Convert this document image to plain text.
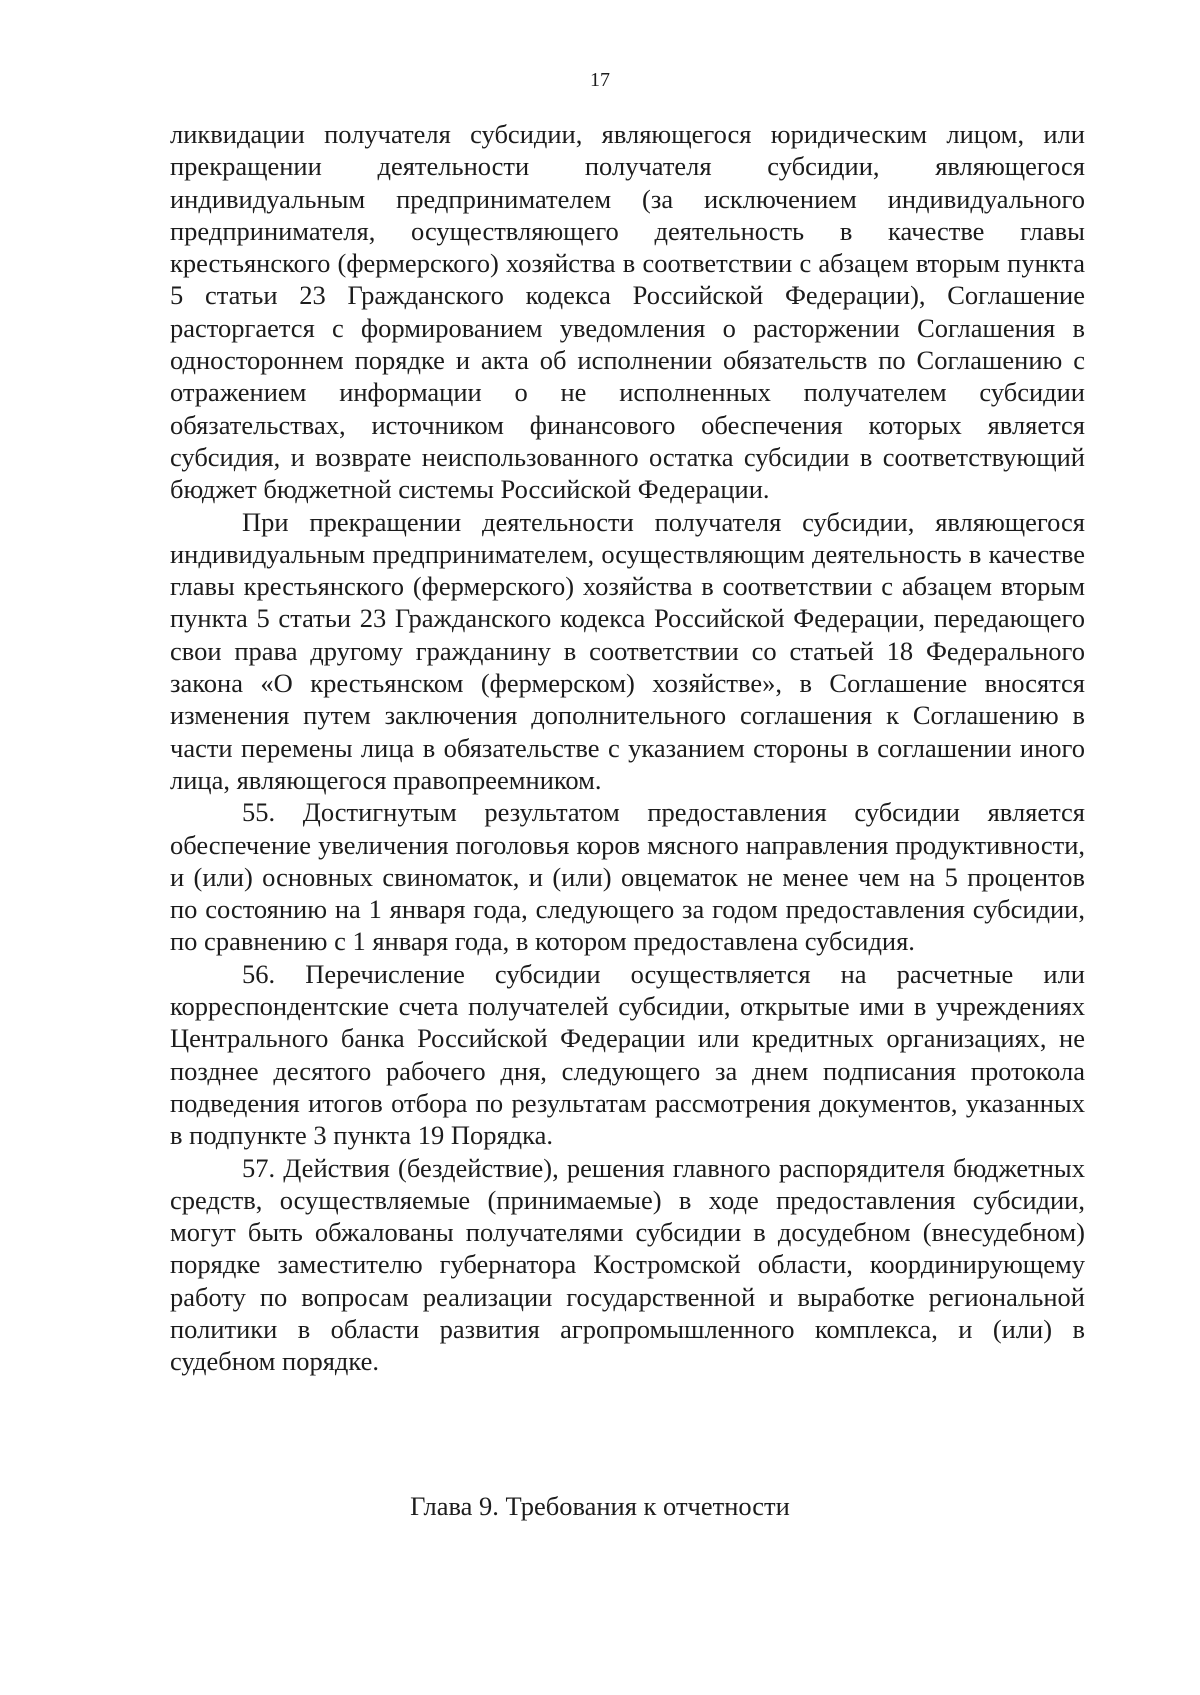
17

ликвидации получателя субсидии, являющегося юридическим лицом, или прекращении деятельности получателя субсидии, являющегося индивидуальным предпринимателем (за исключением индивидуального предпринимателя, осуществляющего деятельность в качестве главы крестьянского (фермерского) хозяйства в соответствии с абзацем вторым пункта 5 статьи 23 Гражданского кодекса Российской Федерации), Соглашение расторгается с формированием уведомления о расторжении Соглашения в одностороннем порядке и акта об исполнении обязательств по Соглашению с отражением информации о не исполненных получателем субсидии обязательствах, источником финансового обеспечения которых является субсидия, и возврате неиспользованного остатка субсидии в соответствующий бюджет бюджетной системы Российской Федерации.

При прекращении деятельности получателя субсидии, являющегося индивидуальным предпринимателем, осуществляющим деятельность в качестве главы крестьянского (фермерского) хозяйства в соответствии с абзацем вторым пункта 5 статьи 23 Гражданского кодекса Российской Федерации, передающего свои права другому гражданину в соответствии со статьей 18 Федерального закона «О крестьянском (фермерском) хозяйстве», в Соглашение вносятся изменения путем заключения дополнительного соглашения к Соглашению в части перемены лица в обязательстве с указанием стороны в соглашении иного лица, являющегося правопреемником.

55. Достигнутым результатом предоставления субсидии является обеспечение увеличения поголовья коров мясного направления продуктивности, и (или) основных свиноматок, и (или) овцематок не менее чем на 5 процентов по состоянию на 1 января года, следующего за годом предоставления субсидии, по сравнению с 1 января года, в котором предоставлена субсидия.

56. Перечисление субсидии осуществляется на расчетные или корреспондентские счета получателей субсидии, открытые ими в учреждениях Центрального банка Российской Федерации или кредитных организациях, не позднее десятого рабочего дня, следующего за днем подписания протокола подведения итогов отбора по результатам рассмотрения документов, указанных в подпункте 3 пункта 19 Порядка.

57. Действия (бездействие), решения главного распорядителя бюджетных средств, осуществляемые (принимаемые) в ходе предоставления субсидии, могут быть обжалованы получателями субсидии в досудебном (внесудебном) порядке заместителю губернатора Костромской области, координирующему работу по вопросам реализации государственной и выработке региональной политики в области развития агропромышленного комплекса, и (или) в судебном порядке.

Глава 9. Требования к отчетности
